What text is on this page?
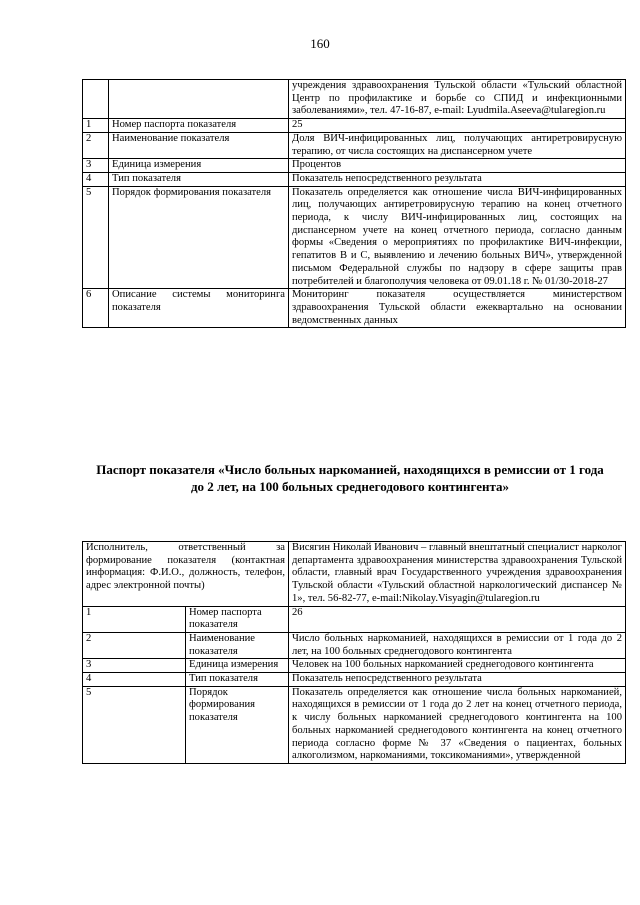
160
		учреждения здравоохранения Тульской области «Тульский областной Центр по профилактике и борьбе со СПИД и инфекционными заболеваниями», тел. 47-16-87, e-mail: Lyudmila.Aseeva@tularegion.ru
1	Номер паспорта показателя	25
2	Наименование показателя	Доля ВИЧ-инфицированных лиц, получающих антиретровирусную терапию, от числа состоящих на диспансерном учете
3	Единица измерения	Процентов
4	Тип показателя	Показатель непосредственного результата
5	Порядок формирования показателя	Показатель определяется как отношение числа ВИЧ-инфицированных лиц, получающих антиретровирусную терапию на конец отчетного периода, к числу ВИЧ-инфицированных лиц, состоящих на диспансерном учете на конец отчетного периода, согласно данным формы «Сведения о мероприятиях по профилактике ВИЧ-инфекции, гепатитов В и С, выявлению и лечению больных ВИЧ», утвержденной письмом Федеральной службы по надзору в сфере защиты прав потребителей и благополучия человека от 09.01.18 г. № 01/30-2018-27
6	Описание системы мониторинга показателя	Мониторинг показателя осуществляется министерством здравоохранения Тульской области ежеквартально на основании ведомственных данных
Паспорт показателя «Число больных наркоманией, находящихся в ремиссии от 1 года до 2 лет, на 100 больных среднегодового контингента»
Исполнитель, ответственный за формирование показателя (контактная информация: Ф.И.О., должность, телефон, адрес электронной почты)		Висягин Николай Иванович – главный внештатный специалист нарколог департамента здравоохранения министерства здравоохранения Тульской области, главный врач Государственного учреждения здравоохранения Тульской области «Тульский областной наркологический диспансер № 1», тел. 56-82-77, e-mail:Nikolay.Visyagin@tularegion.ru
1	Номер паспорта показателя	26
2	Наименование показателя	Число больных наркоманией, находящихся в ремиссии от 1 года до 2 лет, на 100 больных среднегодового контингента
3	Единица измерения	Человек на 100 больных наркоманией среднегодового контингента
4	Тип показателя	Показатель непосредственного результата
5	Порядок формирования показателя	Показатель определяется как отношение числа больных наркоманией, находящихся в ремиссии от 1 года до 2 лет на конец отчетного периода, к числу больных наркоманией среднегодового контингента на 100 больных наркоманией среднегодового контингента на конец отчетного периода согласно форме № 37 «Сведения о пациентах, больных алкоголизмом, наркоманиями, токсикоманиями», утвержденной
